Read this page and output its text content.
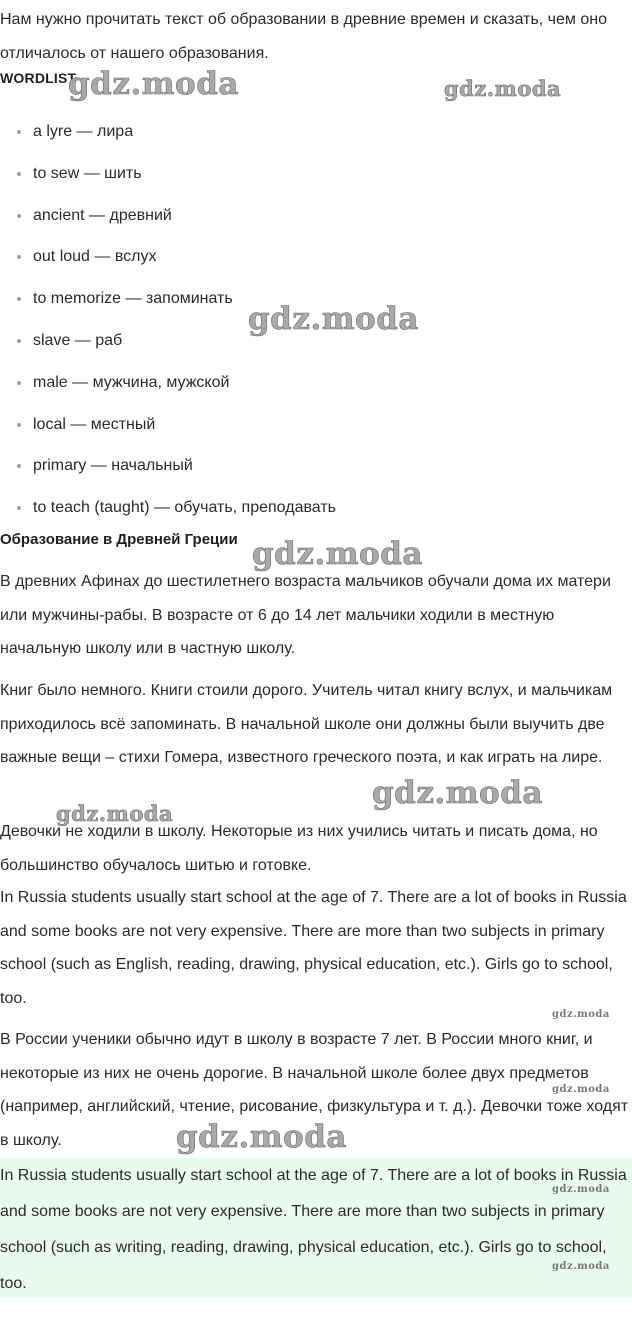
Нам нужно прочитать текст об образовании в древние времен и сказать, чем оно отличалось от нашего образования.

WORDLIST
a lyre — лира
to sew — шить
ancient — древний
out loud — вслух
to memorize — запоминать
slave — раб
male — мужчина, мужской
local — местный
primary — начальный
to teach (taught) — обучать, преподавать
Образование в Древней Греции

В древних Афинах до шестилетнего возраста мальчиков обучали дома их матери или мужчины-рабы. В возрасте от 6 до 14 лет мальчики ходили в местную начальную школу или в частную школу.

Книг было немного. Книги стоили дорого. Учитель читал книгу вслух, и мальчикам приходилось всё запоминать. В начальной школе они должны были выучить две важные вещи – стихи Гомера, известного греческого поэта, и как играть на лире.

Девочки не ходили в школу. Некоторые из них учились читать и писать дома, но большинство обучалось шитью и готовке.

In Russia students usually start school at the age of 7. There are a lot of books in Russia and some books are not very expensive. There are more than two subjects in primary school (such as English, reading, drawing, physical education, etc.). Girls go to school, too.

В России ученики обычно идут в школу в возрасте 7 лет. В России много книг, и некоторые из них не очень дорогие. В начальной школе более двух предметов (например, английский, чтение, рисование, физкультура и т. д.). Девочки тоже ходят в школу.

In Russia students usually start school at the age of 7. There are a lot of books in Russia and some books are not very expensive. There are more than two subjects in primary school (such as writing, reading, drawing, physical education, etc.). Girls go to school, too.

gdz.moda	gdz.moda
gdz.moda
gdz.moda
gdz.moda
gdz.moda
gdz.moda
gdz.moda
gdz.moda
gdz.moda
gdz.moda
